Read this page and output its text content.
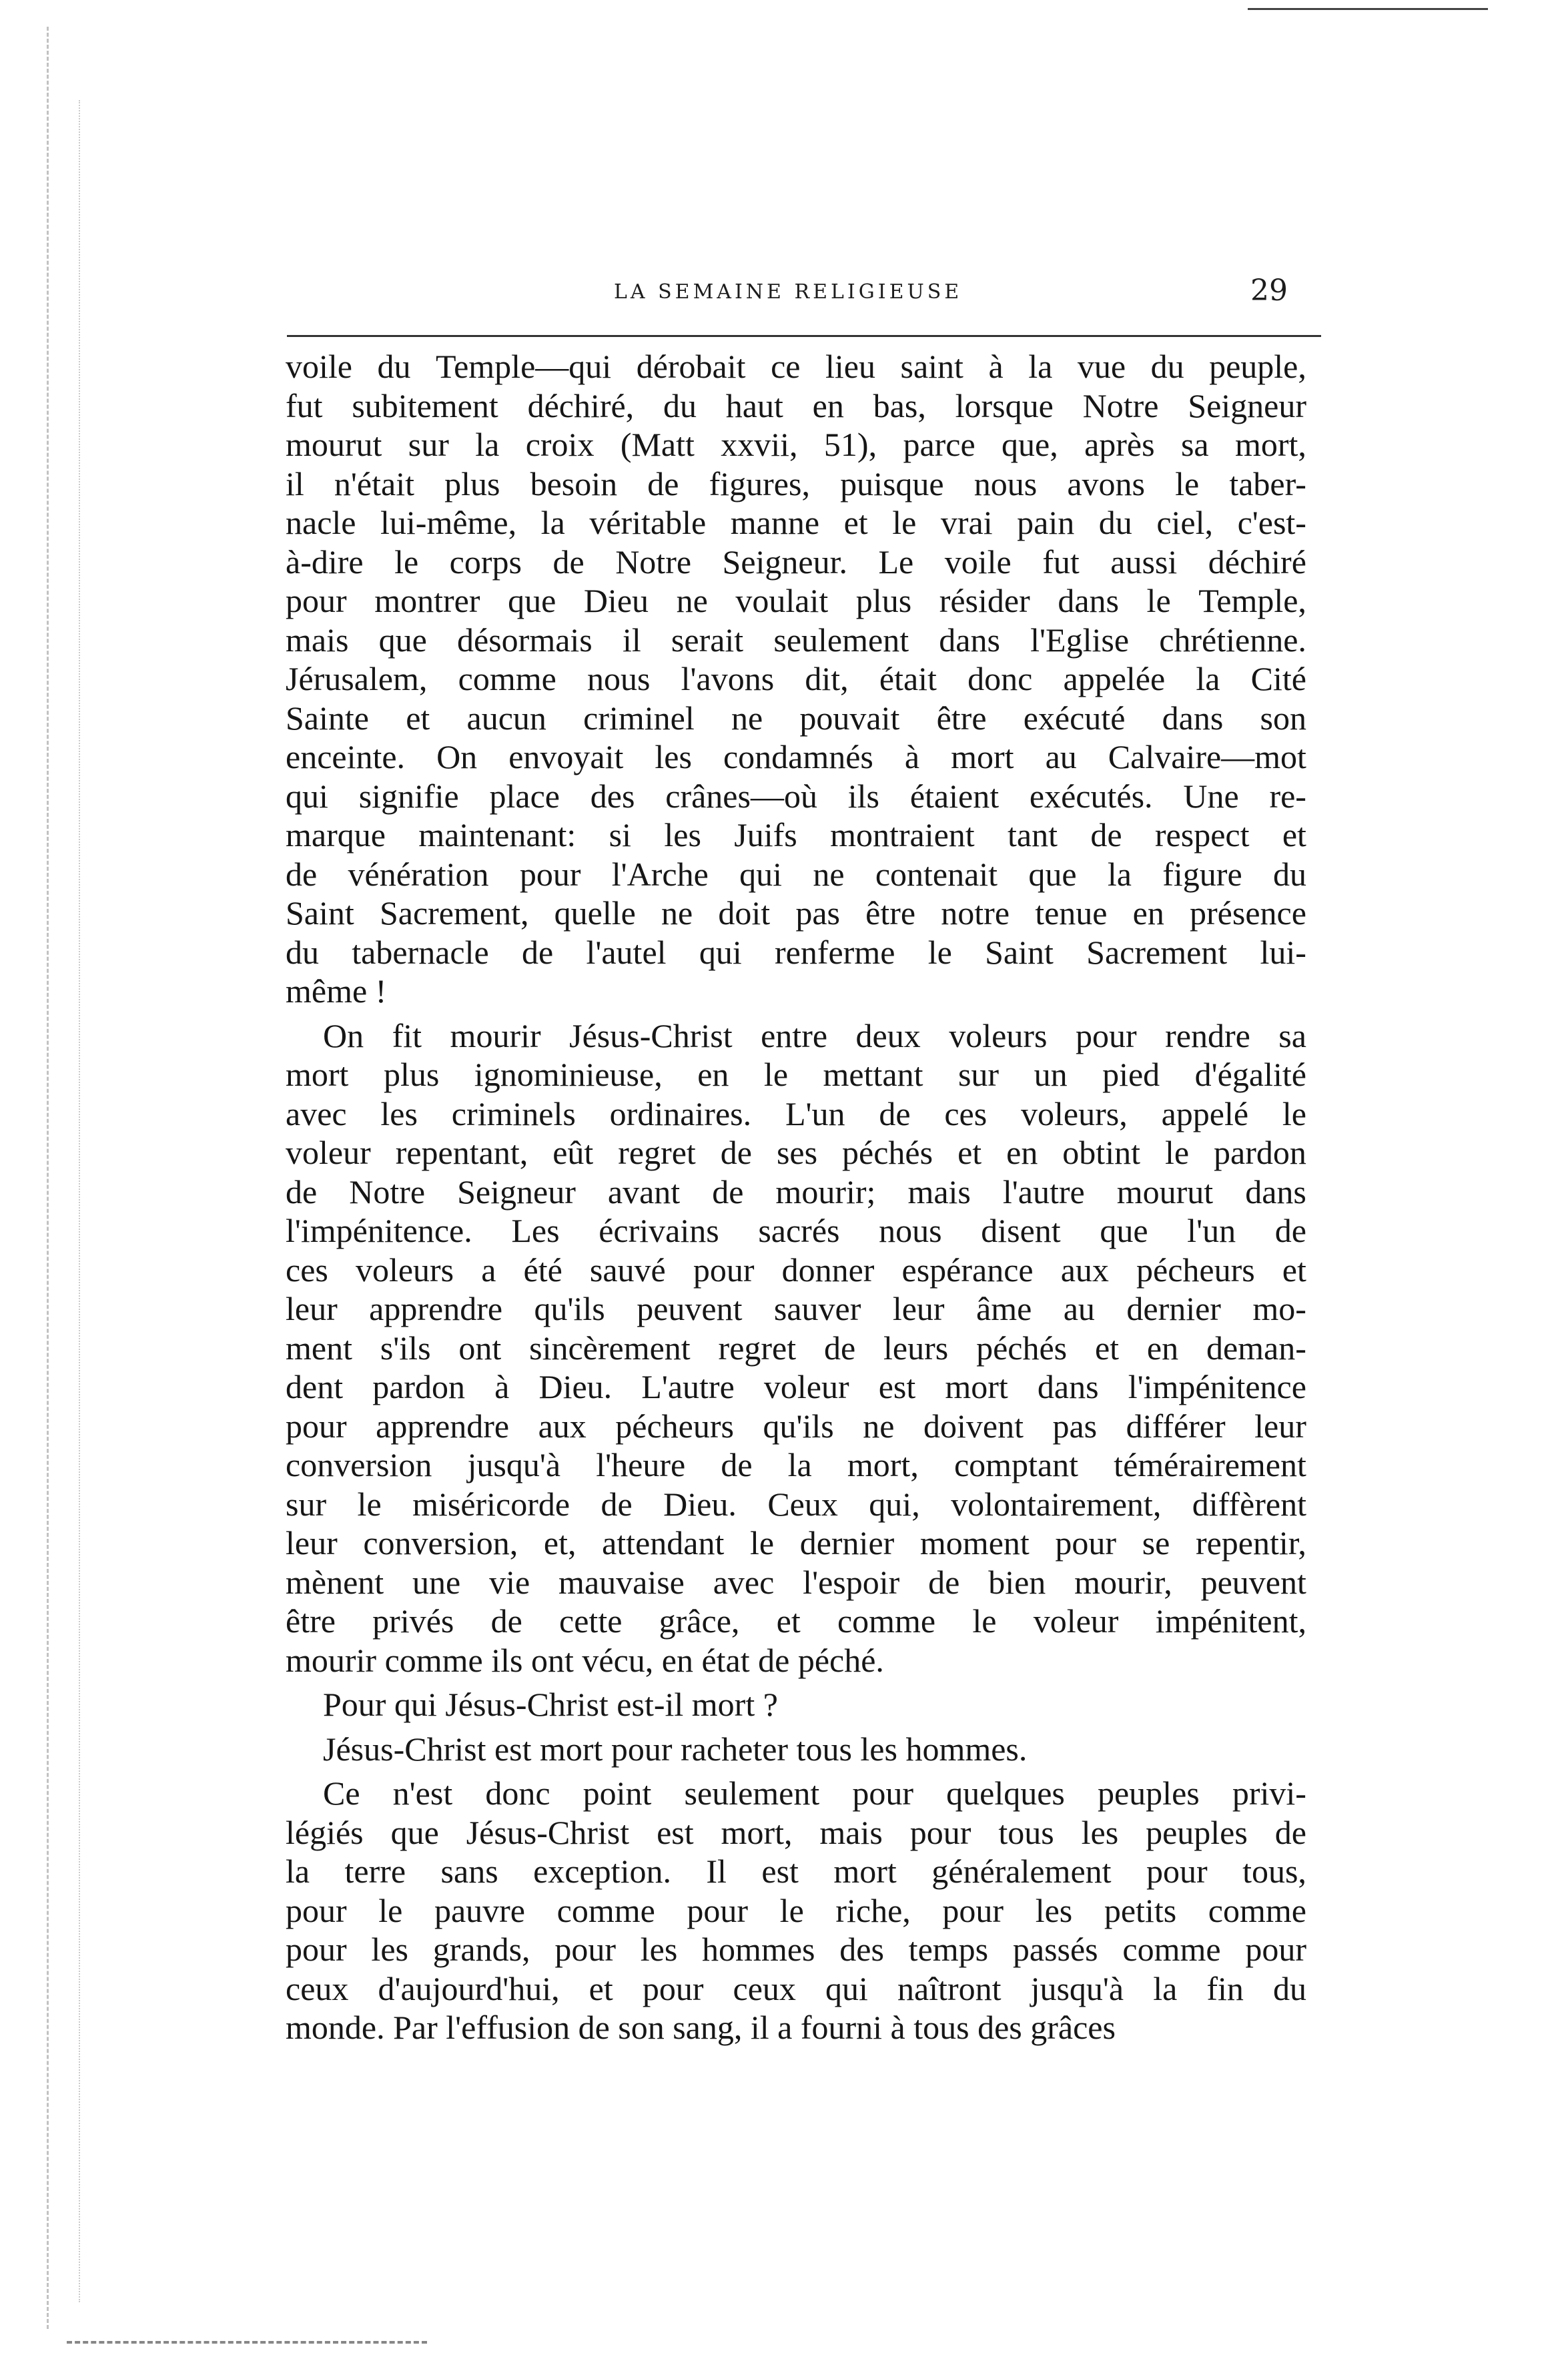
LA SEMAINE RELIGIEUSE	29
voile du Temple—qui dérobait ce lieu saint à la vue du peuple,
fut subitement déchiré, du haut en bas, lorsque Notre Seigneur
mourut sur la croix (Matt xxvii, 51), parce que, après sa mort,
il n'était plus besoin de figures, puisque nous avons le taber-
nacle lui-même, la véritable manne et le vrai pain du ciel, c'est-
à-dire le corps de Notre Seigneur. Le voile fut aussi déchiré
pour montrer que Dieu ne voulait plus résider dans le Temple,
mais que désormais il serait seulement dans l'Eglise chrétienne.
Jérusalem, comme nous l'avons dit, était donc appelée la Cité
Sainte et aucun criminel ne pouvait être exécuté dans son
enceinte. On envoyait les condamnés à mort au Calvaire—mot
qui signifie place des crânes—où ils étaient exécutés. Une re-
marque maintenant: si les Juifs montraient tant de respect et
de vénération pour l'Arche qui ne contenait que la figure du
Saint Sacrement, quelle ne doit pas être notre tenue en présence
du tabernacle de l'autel qui renferme le Saint Sacrement lui-
même !
On fit mourir Jésus-Christ entre deux voleurs pour rendre sa
mort plus ignominieuse, en le mettant sur un pied d'égalité
avec les criminels ordinaires. L'un de ces voleurs, appelé le
voleur repentant, eût regret de ses péchés et en obtint le pardon
de Notre Seigneur avant de mourir; mais l'autre mourut dans
l'impénitence. Les écrivains sacrés nous disent que l'un de
ces voleurs a été sauvé pour donner espérance aux pécheurs et
leur apprendre qu'ils peuvent sauver leur âme au dernier mo-
ment s'ils ont sincèrement regret de leurs péchés et en deman-
dent pardon à Dieu. L'autre voleur est mort dans l'impénitence
pour apprendre aux pécheurs qu'ils ne doivent pas différer leur
conversion jusqu'à l'heure de la mort, comptant témérairement
sur le miséricorde de Dieu. Ceux qui, volontairement, diffèrent
leur conversion, et, attendant le dernier moment pour se repentir,
mènent une vie mauvaise avec l'espoir de bien mourir, peuvent
être privés de cette grâce, et comme le voleur impénitent,
mourir comme ils ont vécu, en état de péché.
Pour qui Jésus-Christ est-il mort ?
Jésus-Christ est mort pour racheter tous les hommes.
Ce n'est donc point seulement pour quelques peuples privi-
légiés que Jésus-Christ est mort, mais pour tous les peuples de
la terre sans exception. Il est mort généralement pour tous,
pour le pauvre comme pour le riche, pour les petits comme
pour les grands, pour les hommes des temps passés comme pour
ceux d'aujourd'hui, et pour ceux qui naîtront jusqu'à la fin du
monde. Par l'effusion de son sang, il a fourni à tous des grâces
